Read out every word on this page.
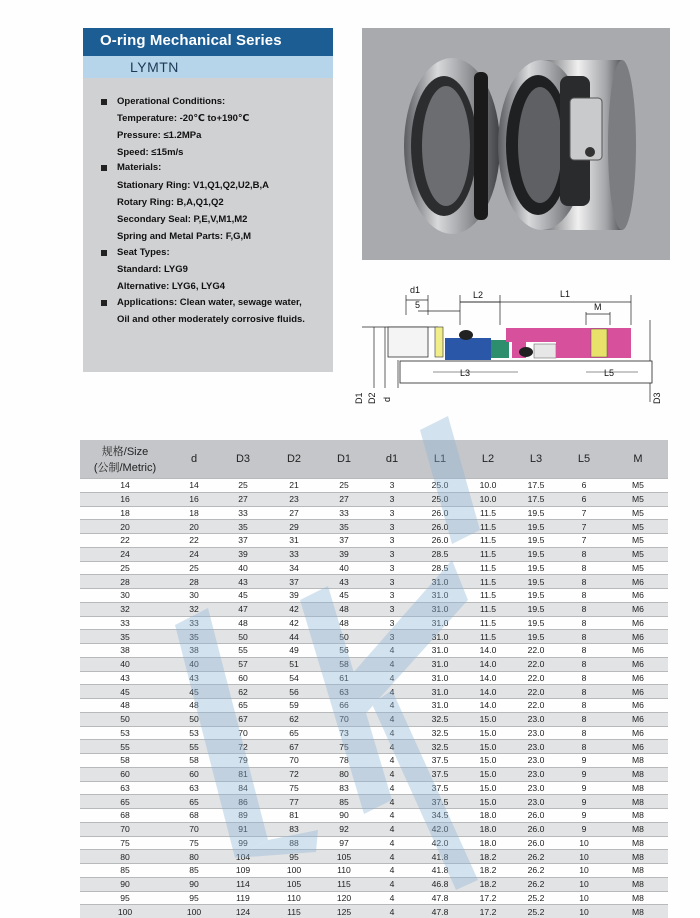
O-ring Mechanical Series
LYMTN
Operational Conditions:
Temperature: -20℃ to+190℃
Pressure: ≤1.2MPa
Speed: ≤15m/s
Materials:
Stationary Ring: V1,Q1,Q2,U2,B,A
Rotary Ring: B,A,Q1,Q2
Secondary Seal: P,E,V,M1,M2
Spring and Metal Parts: F,G,M
Seat Types:
Standard: LYG9
Alternative: LYG6, LYG4
Applications: Clean water, sewage water,
Oil and other moderately corrosive fluids.
d1	L2	L1
5	M
L3	L5
D1 D2 d	D3
规格/Size
(公制/Metric)	d	D3	D2	D1	d1	L1	L2	L3	L5	M
14	14	25	21	25	3	25.0	10.0	17.5	6	M5
16	16	27	23	27	3	25.0	10.0	17.5	6	M5
18	18	33	27	33	3	26.0	11.5	19.5	7	M5
20	20	35	29	35	3	26.0	11.5	19.5	7	M5
22	22	37	31	37	3	26.0	11.5	19.5	7	M5
24	24	39	33	39	3	28.5	11.5	19.5	8	M5
25	25	40	34	40	3	28.5	11.5	19.5	8	M5
28	28	43	37	43	3	31.0	11.5	19.5	8	M6
30	30	45	39	45	3	31.0	11.5	19.5	8	M6
32	32	47	42	48	3	31.0	11.5	19.5	8	M6
33	33	48	42	48	3	31.0	11.5	19.5	8	M6
35	35	50	44	50	3	31.0	11.5	19.5	8	M6
38	38	55	49	56	4	31.0	14.0	22.0	8	M6
40	40	57	51	58	4	31.0	14.0	22.0	8	M6
43	43	60	54	61	4	31.0	14.0	22.0	8	M6
45	45	62	56	63	4	31.0	14.0	22.0	8	M6
48	48	65	59	66	4	31.0	14.0	22.0	8	M6
50	50	67	62	70	4	32.5	15.0	23.0	8	M6
53	53	70	65	73	4	32.5	15.0	23.0	8	M6
55	55	72	67	75	4	32.5	15.0	23.0	8	M6
58	58	79	70	78	4	37.5	15.0	23.0	9	M8
60	60	81	72	80	4	37.5	15.0	23.0	9	M8
63	63	84	75	83	4	37.5	15.0	23.0	9	M8
65	65	86	77	85	4	37.5	15.0	23.0	9	M8
68	68	89	81	90	4	34.5	18.0	26.0	9	M8
70	70	91	83	92	4	42.0	18.0	26.0	9	M8
75	75	99	88	97	4	42.0	18.0	26.0	10	M8
80	80	104	95	105	4	41.8	18.2	26.2	10	M8
85	85	109	100	110	4	41.8	18.2	26.2	10	M8
90	90	114	105	115	4	46.8	18.2	26.2	10	M8
95	95	119	110	120	4	47.8	17.2	25.2	10	M8
100	100	124	115	125	4	47.8	17.2	25.2	10	M8
